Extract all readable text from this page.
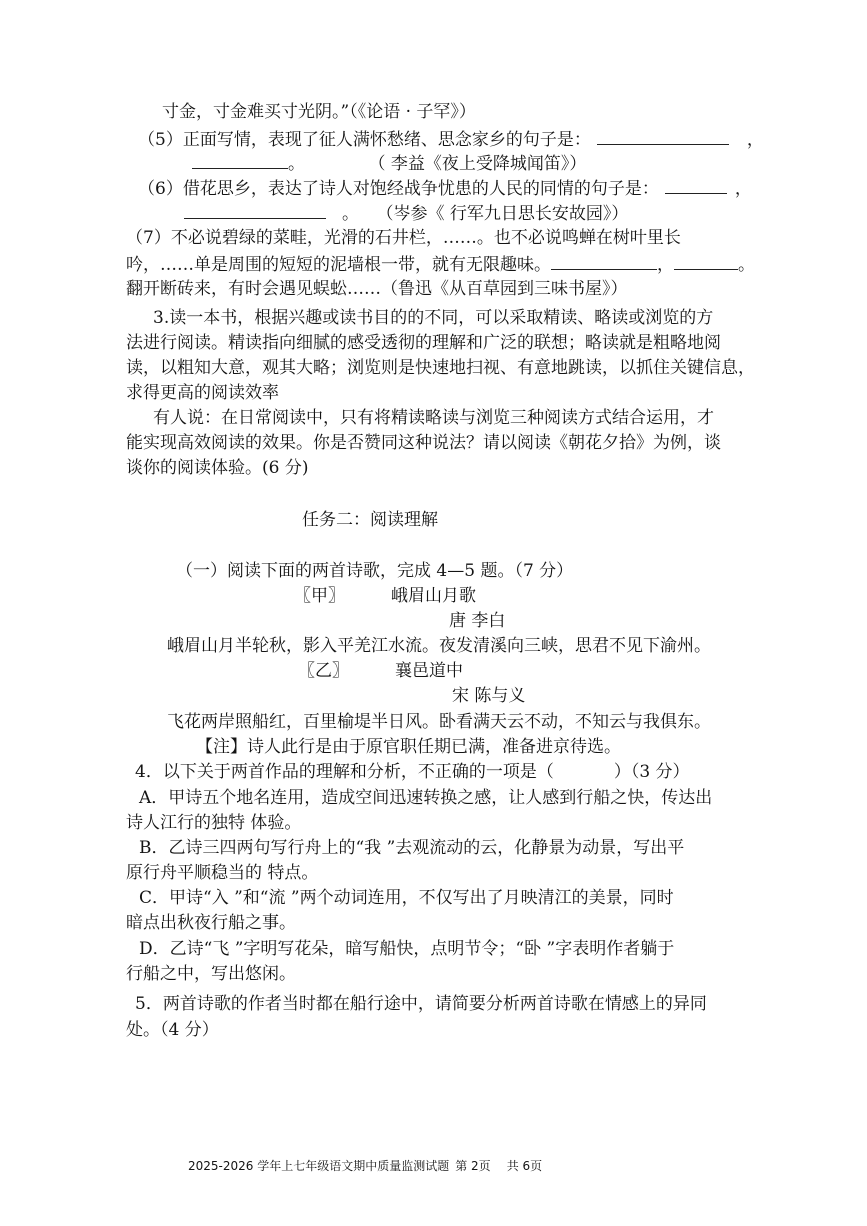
寸金，寸金难买寸光阴。”（《论语 · 子罕》）
（5）正面写情，表现了征人满怀愁绪、思念家乡的句子是：	，
。	（ 李益《夜上受降城闻笛》）
（6）借花思乡，表达了诗人对饱经战争忧患的人民的同情的句子是：	，
。 （岑参《 行军九日思长安故园》）
（7）不必说碧绿的菜畦，光滑的石井栏，……。也不必说鸣蝉在树叶里长
吟，……单是周围的短短的泥墙根一带，就有无限趣味。	，	。
翻开断砖来，有时会遇见蜈蚣……（鲁迅《从百草园到三味书屋》）
3.读一本书，根据兴趣或读书目的的不同，可以采取精读、略读或浏览的方
法进行阅读。精读指向细腻的感受透彻的理解和广泛的联想；略读就是粗略地阅
读，以粗知大意，观其大略；浏览则是快速地扫视、有意地跳读，以抓住关键信息，
求得更高的阅读效率
有人说：在日常阅读中，只有将精读略读与浏览三种阅读方式结合运用，才
能实现高效阅读的效果。你是否赞同这种说法？请以阅读《朝花夕拾》为例，谈
谈你的阅读体验。(6 分)
任务二：阅读理解
（一）阅读下面的两首诗歌，完成 4—5 题。（7 分）
〖甲〗	峨眉山月歌
唐 李白
峨眉山月半轮秋，影入平羌江水流。夜发清溪向三峡，思君不见下渝州。
〖乙〗	襄邑道中
宋 陈与义
飞花两岸照船红，百里榆堤半日风。卧看满天云不动，不知云与我俱东。
【注】诗人此行是由于原官职任期已满，准备进京待选。
4．以下关于两首作品的理解和分析，不正确的一项是（	）（3 分）
A．甲诗五个地名连用，造成空间迅速转换之感，让人感到行船之快，传达出
诗人江行的独特 体验。
B．乙诗三四两句写行舟上的“我 ”去观流动的云，化静景为动景，写出平
原行舟平顺稳当的 特点。
C．甲诗“入 ”和“流 ”两个动词连用，不仅写出了月映清江的美景，同时
暗点出秋夜行船之事。
D．乙诗“飞 ”字明写花朵，暗写船快，点明节令；“卧 ”字表明作者躺于
行船之中，写出悠闲。
5．两首诗歌的作者当时都在船行途中，请简要分析两首诗歌在情感上的异同
处。（4 分）
2025-2026 学年上七年级语文期中质量监测试题 第 2页 共 6页
